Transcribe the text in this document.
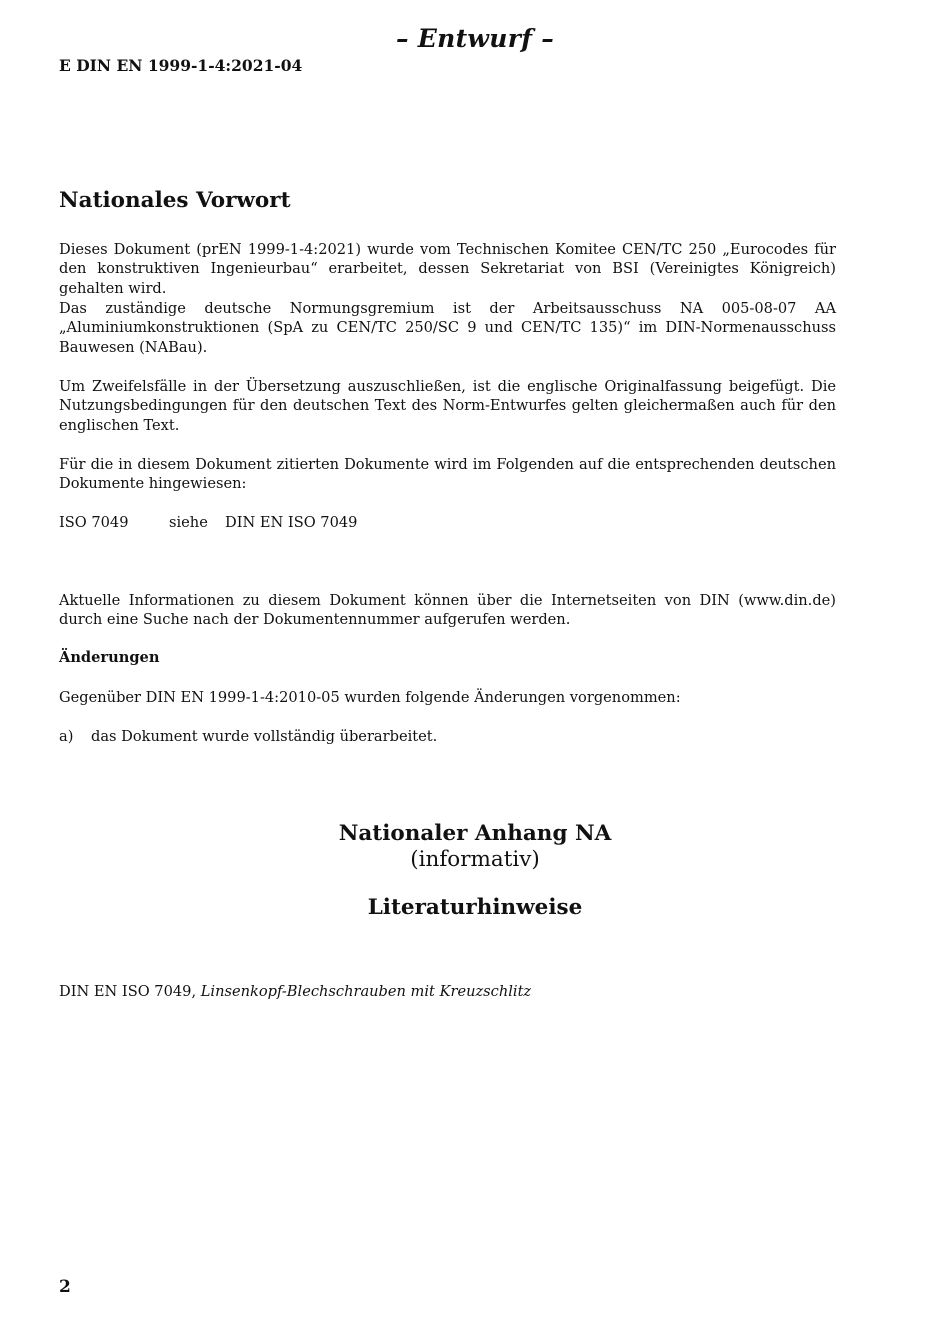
– Entwurf –
E DIN EN 1999-1-4:2021-04
Nationales Vorwort
Dieses Dokument (prEN 1999-1-4:2021) wurde vom Technischen Komitee CEN/TC 250 „Eurocodes für den konstruktiven Ingenieurbau“ erarbeitet, dessen Sekretariat von BSI (Vereinigtes Königreich) gehalten wird.
Das zuständige deutsche Normungsgremium ist der Arbeitsausschuss NA 005-08-07 AA „Aluminiumkonstruktionen (SpA zu CEN/TC 250/SC 9 und CEN/TC 135)“ im DIN-Normenausschuss Bauwesen (NABau).
Um Zweifelsfälle in der Übersetzung auszuschließen, ist die englische Originalfassung beigefügt. Die Nutzungsbedingungen für den deutschen Text des Norm-Entwurfes gelten gleichermaßen auch für den englischen Text.
Für die in diesem Dokument zitierten Dokumente wird im Folgenden auf die entsprechenden deutschen Dokumente hingewiesen:
ISO 7049	siehe DIN EN ISO 7049
Aktuelle Informationen zu diesem Dokument können über die Internetseiten von DIN (www.din.de) durch eine Suche nach der Dokumentennummer aufgerufen werden.
Änderungen
Gegenüber DIN EN 1999-1-4:2010-05 wurden folgende Änderungen vorgenommen:
a) das Dokument wurde vollständig überarbeitet.
Nationaler Anhang NA
(informativ)
Literaturhinweise
DIN EN ISO 7049, Linsenkopf-Blechschrauben mit Kreuzschlitz
2
